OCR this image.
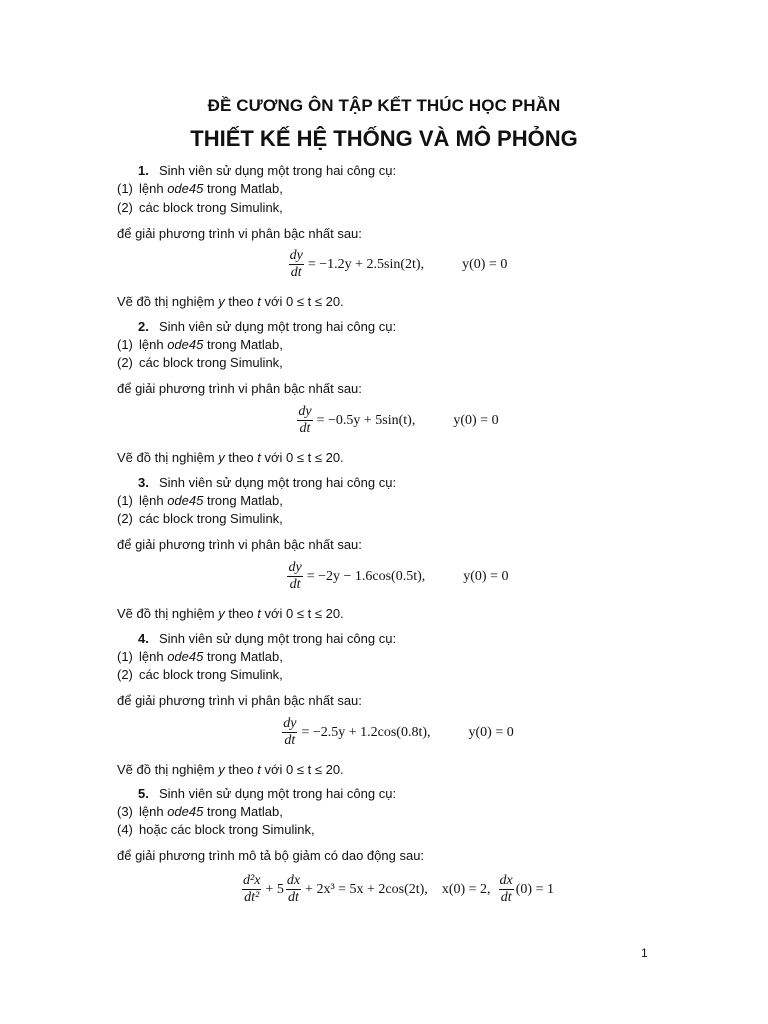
ĐỀ CƯƠNG ÔN TẬP KẾT THÚC HỌC PHẦN
THIẾT KẾ HỆ THỐNG VÀ MÔ PHỎNG
1. Sinh viên sử dụng một trong hai công cụ:
(1) lệnh ode45 trong Matlab,
(2) các block trong Simulink,
để giải phương trình vi phân bậc nhất sau:
$\frac{dy}{dt} = -1.2y + 2.5\sin(2t)$,	y(0) = 0
Vẽ đồ thị nghiệm y theo t với 0 ≤ t ≤ 20.
2. Sinh viên sử dụng một trong hai công cụ:
(1) lệnh ode45 trong Matlab,
(2) các block trong Simulink,
để giải phương trình vi phân bậc nhất sau:
$\frac{dy}{dt} = -0.5y + 5\sin(t)$,	y(0) = 0
Vẽ đồ thị nghiệm y theo t với 0 ≤ t ≤ 20.
3. Sinh viên sử dụng một trong hai công cụ:
(1) lệnh ode45 trong Matlab,
(2) các block trong Simulink,
để giải phương trình vi phân bậc nhất sau:
$\frac{dy}{dt} = -2y - 1.6\cos(0.5t)$,	y(0) = 0
Vẽ đồ thị nghiệm y theo t với 0 ≤ t ≤ 20.
4. Sinh viên sử dụng một trong hai công cụ:
(1) lệnh ode45 trong Matlab,
(2) các block trong Simulink,
để giải phương trình vi phân bậc nhất sau:
$\frac{dy}{dt} = -2.5y + 1.2\cos(0.8t)$,	y(0) = 0
Vẽ đồ thị nghiệm y theo t với 0 ≤ t ≤ 20.
5. Sinh viên sử dụng một trong hai công cụ:
(3) lệnh ode45 trong Matlab,
(4) hoặc các block trong Simulink,
để giải phương trình mô tả bộ giảm có dao động sau:
$\frac{\text{d²x}}{\text{dt²}} + 5 \frac{dx}{dt} + 2x^3 = 5x + 2\cos(2t)$, x(0) = 2, $\frac{dx}{dt} (0) = 1$
1
